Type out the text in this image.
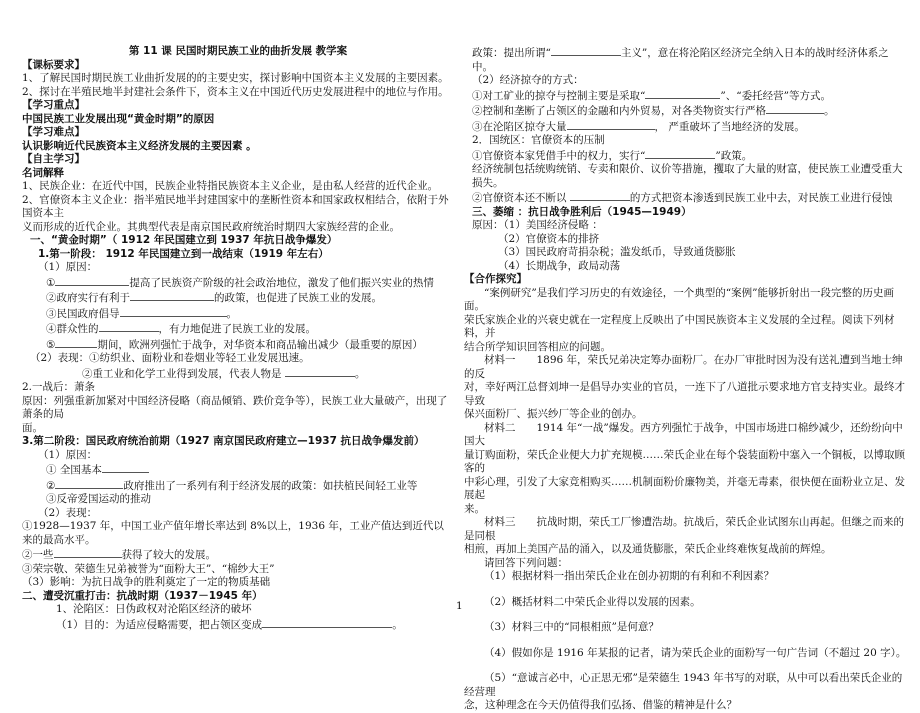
第 11 课 民国时期民族工业的曲折发展 教学案
【课标要求】
1、了解民国时期民族工业曲折发展的的主要史实，探讨影响中国资本主义发展的主要因素。
2、探讨在半殖民地半封建社会条件下，资本主义在中国近代历史发展进程中的地位与作用。
【学习重点】
中国民族工业发展出现“黄金时期”的原因
【学习难点】
认识影响近代民族资本主义经济发展的主要因素 。
【自主学习】
名词解释
1、民族企业：在近代中国，民族企业特指民族资本主义企业，是由私人经营的近代企业。
2、官僚资本主义企业：指半殖民地半封建国家中的垄断性资本和国家政权相结合，依附于外国资本主
义而形成的近代企业。其典型代表是南京国民政府统治时期四大家族经营的企业。
一、“黄金时期”（ 1912 年民国建立到 1937 年抗日战争爆发）
1.第一阶段： 1912 年民国建立到一战结束（1919 年左右）
（1）原因：
①	提高了民族资产阶级的社会政治地位，激发了他们振兴实业的热情
②政府实行有利于	的政策，也促进了民族工业的发展。
③民国政府倡导	。
④群众性的	，有力地促进了民族工业的发展。
⑤	期间，欧洲列强忙于战争，对华资本和商品输出减少（最重要的原因）
（2）表现：①纺织业、面粉业和卷烟业等轻工业发展迅速。
②重工业和化学工业得到发展，代表人物是	。
2.一战后：萧条
原因：列强重新加紧对中国经济侵略（商品倾销、跌价竞争等），民族工业大量破产，出现了萧条的局
面。
3.第二阶段：国民政府统治前期（1927 南京国民政府建立—1937 抗日战争爆发前）
（1）原因：
① 全国基本
②	政府推出了一系列有利于经济发展的政策：如扶植民间轻工业等
③反帝爱国运动的推动
（2）表现：
①1928—1937 年，中国工业产值年增长率达到 8%以上，1936 年，工业产值达到近代以来的最高水平。
②一些	获得了较大的发展。
③荣宗敬、荣德生兄弟被誉为“面粉大王”、“棉纱大王”
（3）影响：为抗日战争的胜利奠定了一定的物质基础
二、遭受沉重打击：抗战时期（1937－1945 年）
1、沦陷区：日伪政权对沦陷区经济的破坏
（1）目的：为适应侵略需要，把占领区变成	。
1
政策：提出所谓“	主义”，意在将沦陷区经济完全纳入日本的战时经济体系之中。
（2）经济掠夺的方式：
①对工矿业的掠夺与控制主要是采取“	”、“委托经营”等方式。
②控制和垄断了占领区的金融和内外贸易，对各类物资实行严格	。
③在沦陷区掠夺大量	， 严重破坏了当地经济的发展。
2．国统区：官僚资本的压制
①官僚资本家凭借手中的权力，实行“	”政策。
经济统制包括统购统销、专卖和限价、议价等措施，攫取了大量的财富，使民族工业遭受重大损失。
②官僚资本还不断以	的方式把资本渗透到民族工业中去，对民族工业进行侵蚀
三、萎缩 ：抗日战争胜利后（1945—1949）
原因：（1）美国经济侵略 ：
（2）官僚资本的排挤
（3）国民政府苛捐杂税；滥发纸币，导致通货膨胀
（4）长期战争，政局动荡
【合作探究】
“案例研究”是我们学习历史的有效途径，一个典型的“案例”能够折射出一段完整的历史画面。
荣氏家族企业的兴衰史就在一定程度上反映出了中国民族资本主义发展的全过程。阅读下列材料，并
结合所学知识回答相应的问题。
材料一　　1896 年，荣氏兄弟决定筹办面粉厂。在办厂审批时因为没有送礼遭到当地士绅的反
对，幸好两江总督刘坤一是倡导办实业的官员，一连下了八道批示要求地方官支持实业。最终才导致
保兴面粉厂、振兴纱厂等企业的创办。
材料二　　1914 年“一战”爆发。西方列强忙于战争，中国市场进口棉纱减少，还纷纷向中国大
量订购面粉，荣氏企业便大力扩充规模……荣氏企业在每个袋装面粉中塞入一个铜板，以博取顾客的
中彩心理，引发了大家竞相购买……机制面粉价廉物美，并毫无毒素，很快便在面粉业立足、发展起
来。
材料三　　抗战时期，荣氏工厂惨遭浩劫。抗战后，荣氏企业试图东山再起。但继之而来的是同根
相煎，再加上美国产品的涌入，以及通货膨胀，荣氏企业终难恢复战前的辉煌。
请回答下列问题：
（1）根据材料一指出荣氏企业在创办初期的有利和不利因素？
（2）概括材料二中荣氏企业得以发展的因素。
（3）材料三中的“同根相煎”是何意？
（4）假如你是 1916 年某报的记者，请为荣氏企业的面粉写一句广告词（不超过 20 字）。
（5）“意诚言必中，心正思无邪”是荣德生 1943 年书写的对联，从中可以看出荣氏企业的经营理
念，这种理念在今天仍值得我们弘扬、借鉴的精神是什么？
